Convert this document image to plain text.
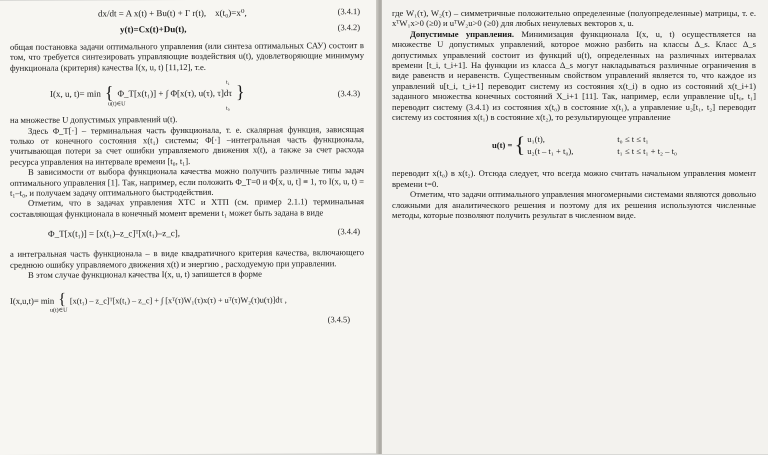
dx/dt = A x(t) + Bu(t) + Γ r(t), x(t₀)=x⁰,	(3.4.1)
y(t)=Cx(t)+Du(t),	(3.4.2)

общая постановка задачи оптимального управления (или синтеза оптимальных САУ) состоит в том, что требуется синтезировать управляющие воздействия u(t), удовлетворяющие минимуму функционала (критерия) качества I(x, u, t) [11,12], т.е.

I(x, u, t)= min
u(t)∈U
{ Φ_T[x(t₁)] + ∫ Φ[x(τ), u(τ), τ]dτ }
t₀
t₁
(3.4.3)

на множестве U допустимых управлений u(t).

Здесь Φ_T[·] – терминальная часть функционала, т. е. скалярная функция, зависящая только от конечного состояния x(t₁) системы; Φ[·] –интегральная часть функционала, учитывающая потери за счет ошибки управляемого движения x(t), а также за счет расхода ресурса управления на интервале времени [t₀, t₁].

В зависимости от выбора функционала качества можно получить различные типы задач оптимального управления [1]. Так, например, если положить Φ_T=0 и Φ[x, u, t] ≡ 1, то I(x, u, t) = t₁–t₀, и получаем задачу оптимального быстродействия.

Отметим, что в задачах управления ХТС и ХТП (см. пример 2.1.1) терминальная составляющая функционала в конечный момент времени t₁ может быть задана в виде

Φ_T[x(t₁)] = [x(t₁)–z_c]ᵀ[x(t₁)–z_c],	(3.4.4)

а интегральная часть функционала – в виде квадратичного критерия качества, включающего среднюю ошибку управляемого движения x(t) и энергию , расходуемую при управлении.

В этом случае функционал качества I(x, u, t) запишется в форме

I(x,u,t)= min
u(t)∈U
{ [x(t₁) – z_c]ᵀ[x(t₁) – z_c] + ∫ [xᵀ(τ)W₁(τ)x(τ) + uᵀ(τ)W₂(τ)u(τ)]dτ ,
(3.4.5)

где W₁(τ), W₂(τ) – симметричные положительно определенные (полуопределенные) матрицы, т. е. xᵀW₁x>0 (≥0) и uᵀW₂u>0 (≥0) для любых ненулевых векторов x, u.

Допустимые управления. Минимизация функционала I(x, u, t) осуществляется на множестве U допустимых управлений, которое можно разбить на классы Δ_s. Класс Δ_s допустимых управлений состоит из функций u(t), определенных на различных интервалах времени [t_i, t_i+1]. На функции из класса Δ_s могут накладываться различные ограничения в виде равенств и неравенств. Существенным свойством управлений является то, что каждое из управлений u[t_i, t_i+1] переводит систему из состояния x(t_i) в одно из состояний x(t_i+1) заданного множества конечных состояний X_i+1 [11]. Так, например, если управление u[t₀, t₁] переводит систему (3.4.1) из состояния x(t₀) в состояние x(t₁), а управление u₂[t₁, t₂] переводит систему из состояния x(t₁) в состояние x(t₂), то результирующее управление

u(t) = { u₁(t),	t₀ ≤ t ≤ t₁
u₂(t – t₁ + t₀),	t₁ ≤ t ≤ t₁ + t₂ – t₀

переводит x(t₀) в x(t₂). Отсюда следует, что всегда можно считать начальном управления момент времени t=0.

Отметим, что задачи оптимального управления многомерными системами являются довольно сложными для аналитического решения и поэтому для их решения используются численные методы, которые позволяют получить результат в численном виде.
